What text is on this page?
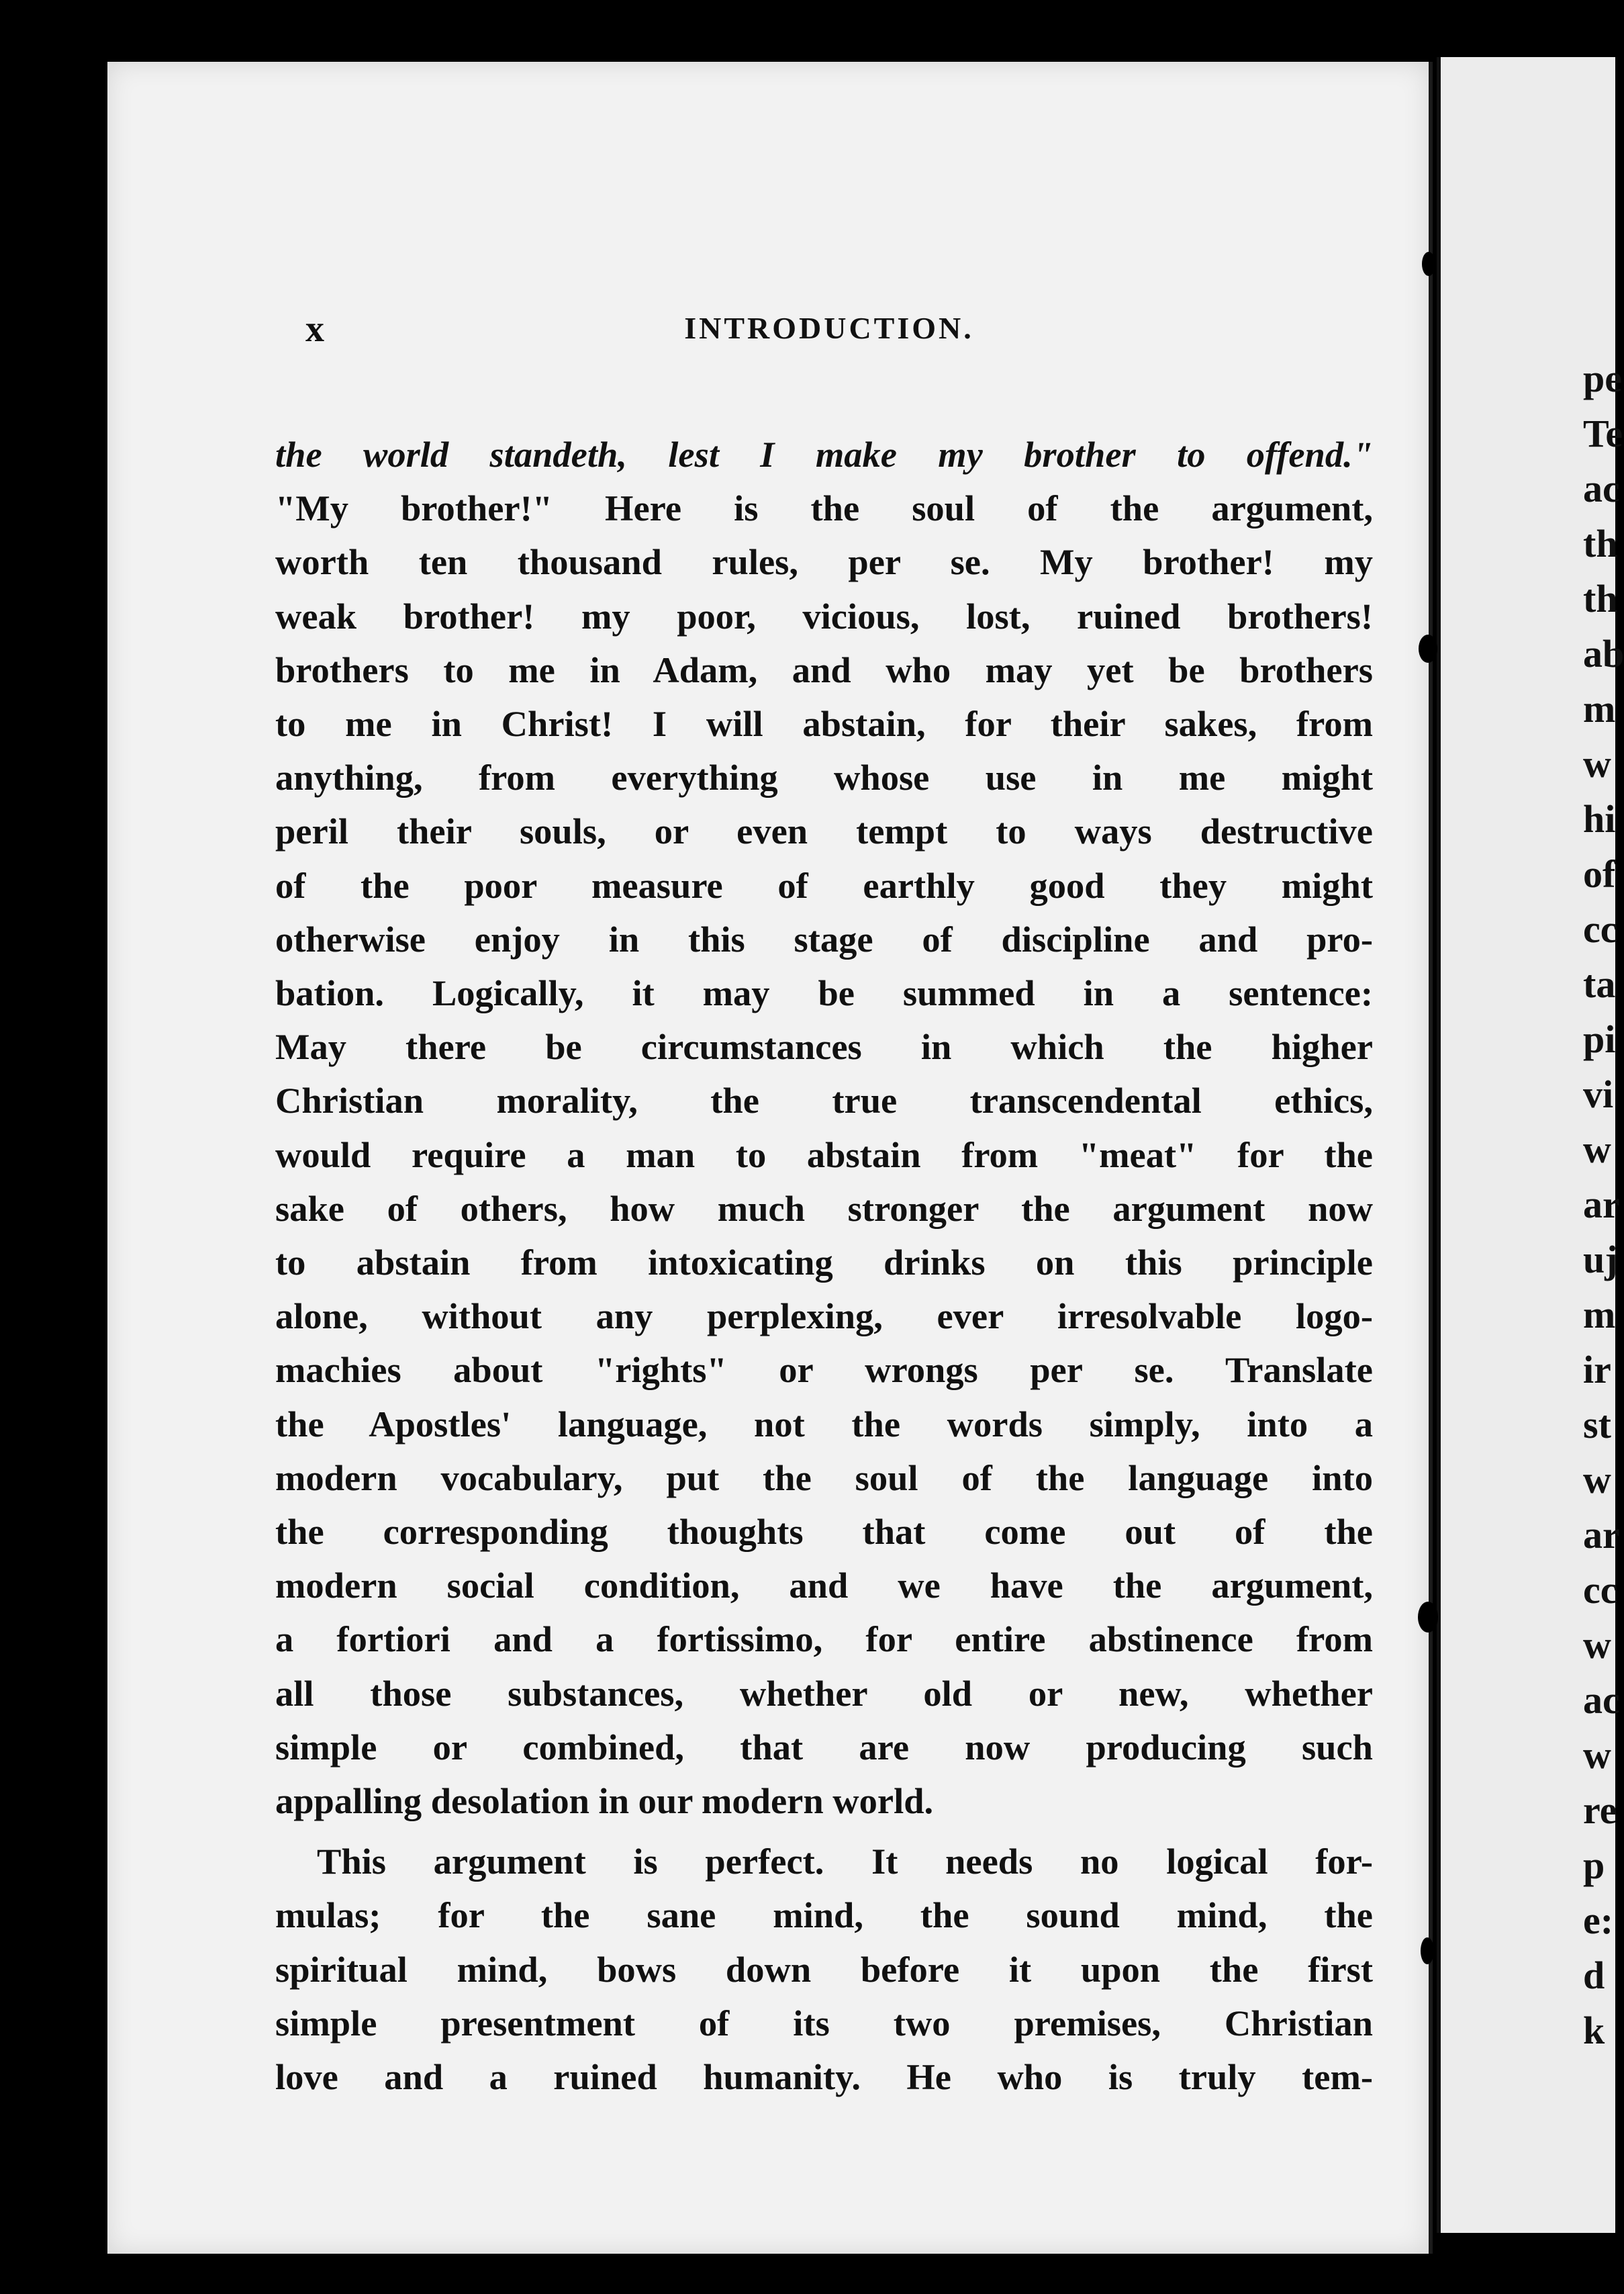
x	INTRODUCTION.
the world standeth, lest I make my brother to offend."
"My brother!" Here is the soul of the argument,
worth ten thousand rules, per se. My brother! my
weak brother! my poor, vicious, lost, ruined brothers!
brothers to me in Adam, and who may yet be brothers
to me in Christ! I will abstain, for their sakes, from
anything, from everything whose use in me might
peril their souls, or even tempt to ways destructive
of the poor measure of earthly good they might
otherwise enjoy in this stage of discipline and pro-
bation. Logically, it may be summed in a sentence:
May there be circumstances in which the higher
Christian morality, the true transcendental ethics,
would require a man to abstain from "meat" for the
sake of others, how much stronger the argument now
to abstain from intoxicating drinks on this principle
alone, without any perplexing, ever irresolvable logo-
machies about "rights" or wrongs per se. Translate
the Apostles' language, not the words simply, into a
modern vocabulary, put the soul of the language into
the corresponding thoughts that come out of the
modern social condition, and we have the argument,
a fortiori and a fortissimo, for entire abstinence from
all those substances, whether old or new, whether
simple or combined, that are now producing such
appalling desolation in our modern world.
This argument is perfect. It needs no logical for-
mulas; for the sane mind, the sound mind, the
spiritual mind, bows down before it upon the first
simple presentment of its two premises, Christian
love and a ruined humanity. He who is truly tem-
pe
Te
ac
th
th
ab
m
w
hi
of
cc
ta
pi
vi
w
ar
uj
m
ir
st
w
ar
cc
w
ac
w
re
p
e:
d
k
